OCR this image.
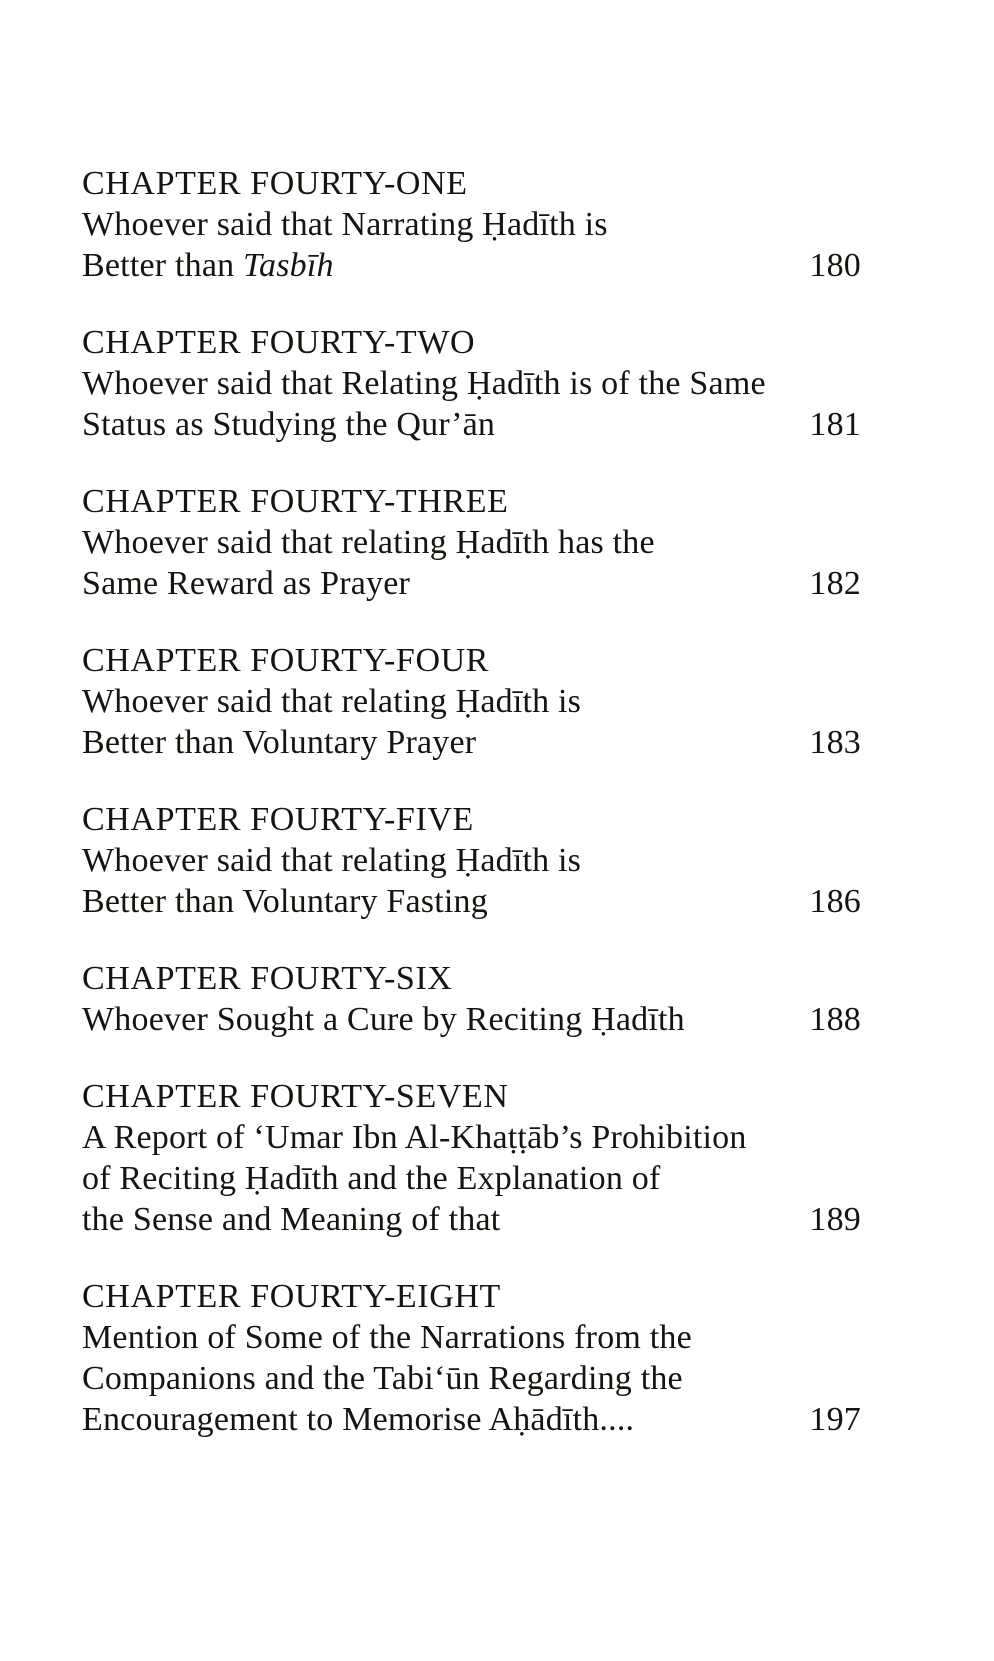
CHAPTER FOURTY-ONE
Whoever said that Narrating Ḥadīth is
Better than Tasbīh	180
CHAPTER FOURTY-TWO
Whoever said that Relating Ḥadīth is of the Same
Status as Studying the Qur’ān	181
CHAPTER FOURTY-THREE
Whoever said that relating Ḥadīth has the
Same Reward as Prayer	182
CHAPTER FOURTY-FOUR
Whoever said that relating Ḥadīth is
Better than Voluntary Prayer	183
CHAPTER FOURTY-FIVE
Whoever said that relating Ḥadīth is
Better than Voluntary Fasting	186
CHAPTER FOURTY-SIX
Whoever Sought a Cure by Reciting Ḥadīth	188
CHAPTER FOURTY-SEVEN
A Report of ‘Umar Ibn Al-Khaṭṭāb’s Prohibition
of Reciting Ḥadīth and the Explanation of
the Sense and Meaning of that	189
CHAPTER FOURTY-EIGHT
Mention of Some of the Narrations from the
Companions and the Tabi‘ūn Regarding the
Encouragement to Memorise Aḥādīth....	197
